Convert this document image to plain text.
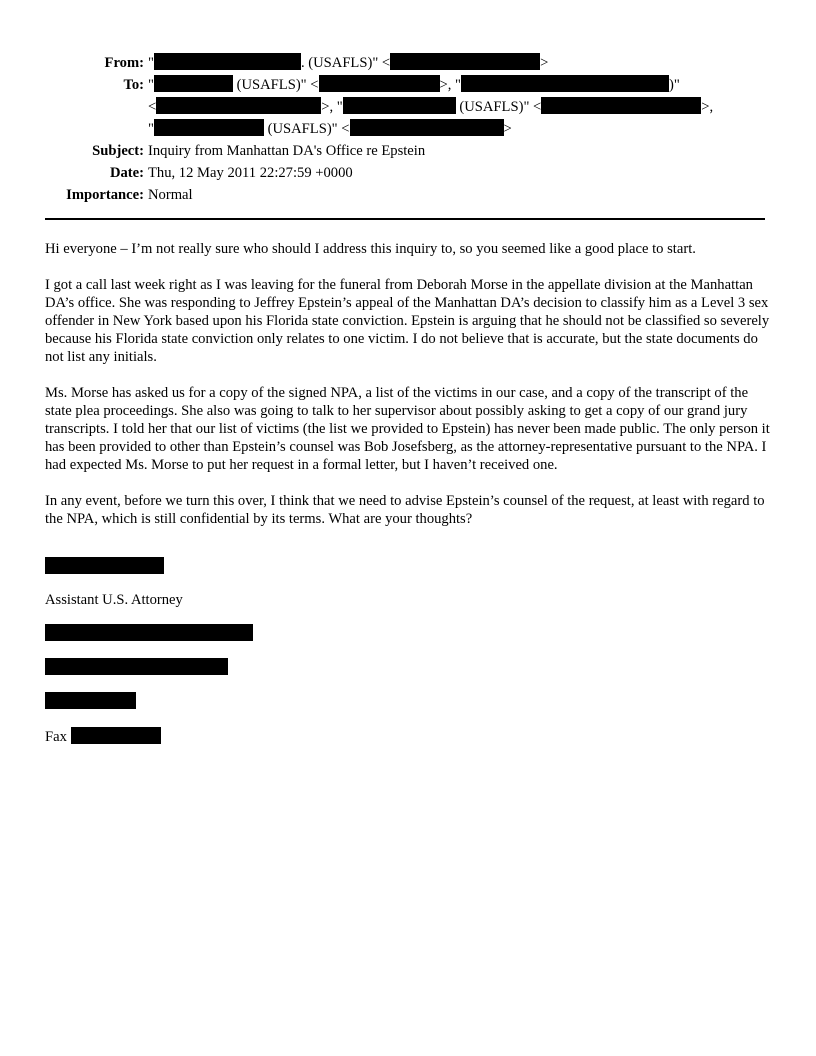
From: "	. (USAFLS)" <	>
To: "	(USAFLS)" <	>, "	)"
<	>, "	(USAFLS)" <	>,
"	(USAFLS)" <	>
Subject: Inquiry from Manhattan DA's Office re Epstein
Date: Thu, 12 May 2011 22:27:59 +0000
Importance: Normal

Hi everyone – I’m not really sure who should I address this inquiry to, so you seemed like a good place to start.

I got a call last week right as I was leaving for the funeral from Deborah Morse in the appellate division at the Manhattan DA’s office. She was responding to Jeffrey Epstein’s appeal of the Manhattan DA’s decision to classify him as a Level 3 sex offender in New York based upon his Florida state conviction. Epstein is arguing that he should not be classified so severely because his Florida state conviction only relates to one victim. I do not believe that is accurate, but the state documents do not list any initials.

Ms. Morse has asked us for a copy of the signed NPA, a list of the victims in our case, and a copy of the transcript of the state plea proceedings. She also was going to talk to her supervisor about possibly asking to get a copy of our grand jury transcripts. I told her that our list of victims (the list we provided to Epstein) has never been made public. The only person it has been provided to other than Epstein’s counsel was Bob Josefsberg, as the attorney-representative pursuant to the NPA. I had expected Ms. Morse to put her request in a formal letter, but I haven’t received one.

In any event, before we turn this over, I think that we need to advise Epstein’s counsel of the request, at least with regard to the NPA, which is still confidential by its terms. What are your thoughts?

Assistant U.S. Attorney
Fax
